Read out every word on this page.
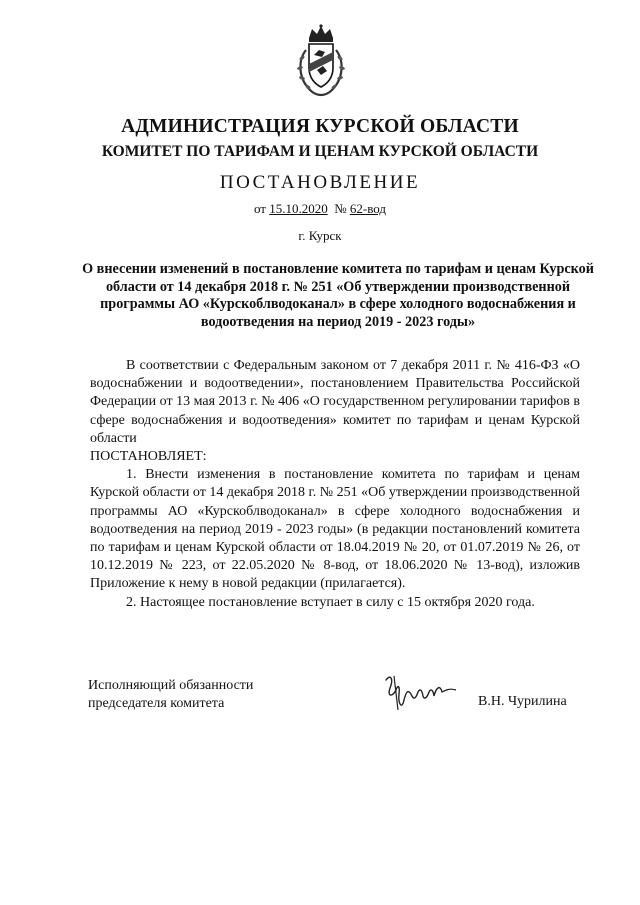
АДМИНИСТРАЦИЯ КУРСКОЙ ОБЛАСТИ
КОМИТЕТ ПО ТАРИФАМ И ЦЕНАМ КУРСКОЙ ОБЛАСТИ
ПОСТАНОВЛЕНИЕ
от 15.10.2020  № 62-вод
г. Курск
О внесении изменений в постановление комитета по тарифам и ценам Курской области от 14 декабря 2018 г. № 251 «Об утверждении производственной программы АО «Курскоблводоканал» в сфере холодного водоснабжения и водоотведения на период 2019 - 2023 годы»

В соответствии с Федеральным законом от 7 декабря 2011 г. № 416-ФЗ «О водоснабжении и водоотведении», постановлением Правительства Российской Федерации от 13 мая 2013 г. № 406 «О государственном регулировании тарифов в сфере водоснабжения и водоотведения» комитет по тарифам и ценам Курской области

ПОСТАНОВЛЯЕТ:

1. Внести изменения в постановление комитета по тарифам и ценам Курской области от 14 декабря 2018 г. № 251 «Об утверждении производственной программы АО «Курскоблводоканал» в сфере холодного водоснабжения и водоотведения на период 2019 - 2023 годы» (в редакции постановлений комитета по тарифам и ценам Курской области от 18.04.2019 № 20, от 01.07.2019 № 26, от 10.12.2019 № 223, от 22.05.2020 № 8-вод, от 18.06.2020 № 13-вод), изложив Приложение к нему в новой редакции (прилагается).

2. Настоящее постановление вступает в силу с 15 октября 2020 года.

Исполняющий обязанности
председателя комитета	В.Н. Чурилина
